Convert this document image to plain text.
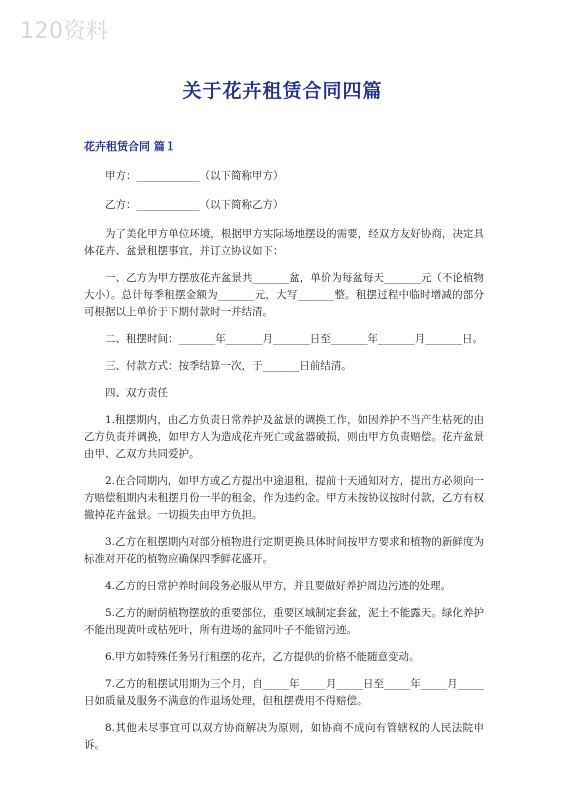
120资料
关于花卉租赁合同四篇
花卉租赁合同 篇１

甲方：____________（以下简称甲方）

乙方：____________（以下简称乙方）

为了美化甲方单位环境，根据甲方实际场地摆设的需要，经双方友好协商，决定具体花卉、盆景租摆事宜，并订立协议如下：

一、乙方为甲方摆放花卉盆景共_______盆，单价为每盆每天_______元（不论植物大小）。总计每季租摆金额为_______元，大写_______整。租摆过程中临时增减的部分可根据以上单价于下期付款时一并结清。

二、租摆时间：_______年_______月_______日至_______年_______月_______日。

三、付款方式：按季结算一次，于_______日前结清。

四、双方责任

1.租摆期内，由乙方负责日常养护及盆景的调换工作，如因养护不当产生枯死的由乙方负责并调换，如甲方人为造成花卉死亡或盆器破损，则由甲方负责赔偿。花卉盆景由甲、乙双方共同爱护。

2.在合同期内，如甲方或乙方提出中途退租，提前十天通知对方，提出方必须向一方赔偿租期内未租摆月份一半的租金，作为违约金。甲方未按协议按时付款，乙方有权撤掉花卉盆景。一切损失由甲方负担。

3.乙方在租摆期内对部分植物进行定期更换具体时间按甲方要求和植物的新鲜度为标准对开花的植物应确保四季鲜花盛开。

4.乙方的日常护养时间段务必服从甲方，并且要做好养护周边污迹的处理。

5.乙方的耐荫植物摆放的重要部位，重要区域制定套盆，泥土不能露天。绿化养护不能出现黄叶或枯死叶，所有进场的盆同叶子不能留污迹。

6.甲方如特殊任务另行租摆的花卉，乙方提供的价格不能随意变动。

7.乙方的租摆试用期为三个月，自_____年_____月_____日至_____年_____月_____日如质量及服务不满意的作退场处理，但租摆费用不得赔偿。

8.其他未尽事宜可以双方协商解决为原则，如协商不成向有管辖权的人民法院申诉。
